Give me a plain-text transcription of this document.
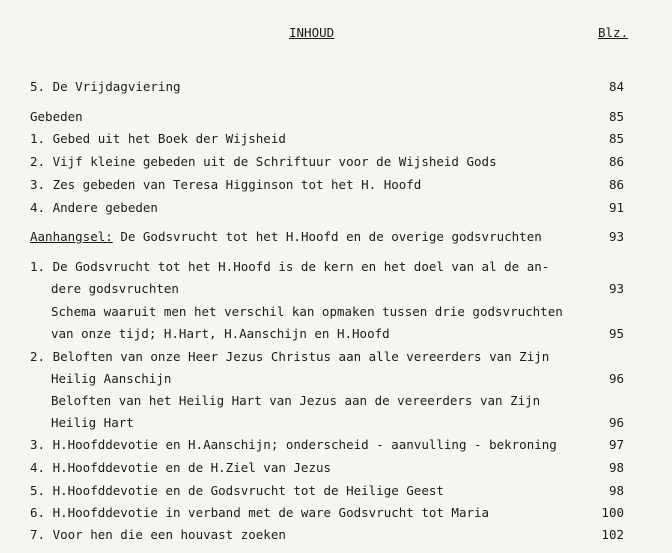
INHOUD	Blz.
5. De Vrijdagviering	84
Gebeden	85
1. Gebed uit het Boek der Wijsheid	85
2. Vijf kleine gebeden uit de Schriftuur voor de Wijsheid Gods	86
3. Zes gebeden van Teresa Higginson tot het H. Hoofd	86
4. Andere gebeden	91
Aanhangsel: De Godsvrucht tot het H.Hoofd en de overige godsvruchten	93
1. De Godsvrucht tot het H.Hoofd is de kern en het doel van al de an-
dere godsvruchten	93
Schema waaruit men het verschil kan opmaken tussen drie godsvruchten
van onze tijd; H.Hart, H.Aanschijn en H.Hoofd	95
2. Beloften van onze Heer Jezus Christus aan alle vereerders van Zijn
Heilig Aanschijn	96
Beloften van het Heilig Hart van Jezus aan de vereerders van Zijn
Heilig Hart	96
3. H.Hoofddevotie en H.Aanschijn; onderscheid - aanvulling - bekroning	97
4. H.Hoofddevotie en de H.Ziel van Jezus	98
5. H.Hoofddevotie en de Godsvrucht tot de Heilige Geest	98
6. H.Hoofddevotie in verband met de ware Godsvrucht tot Maria	100
7. Voor hen die een houvast zoeken	102
